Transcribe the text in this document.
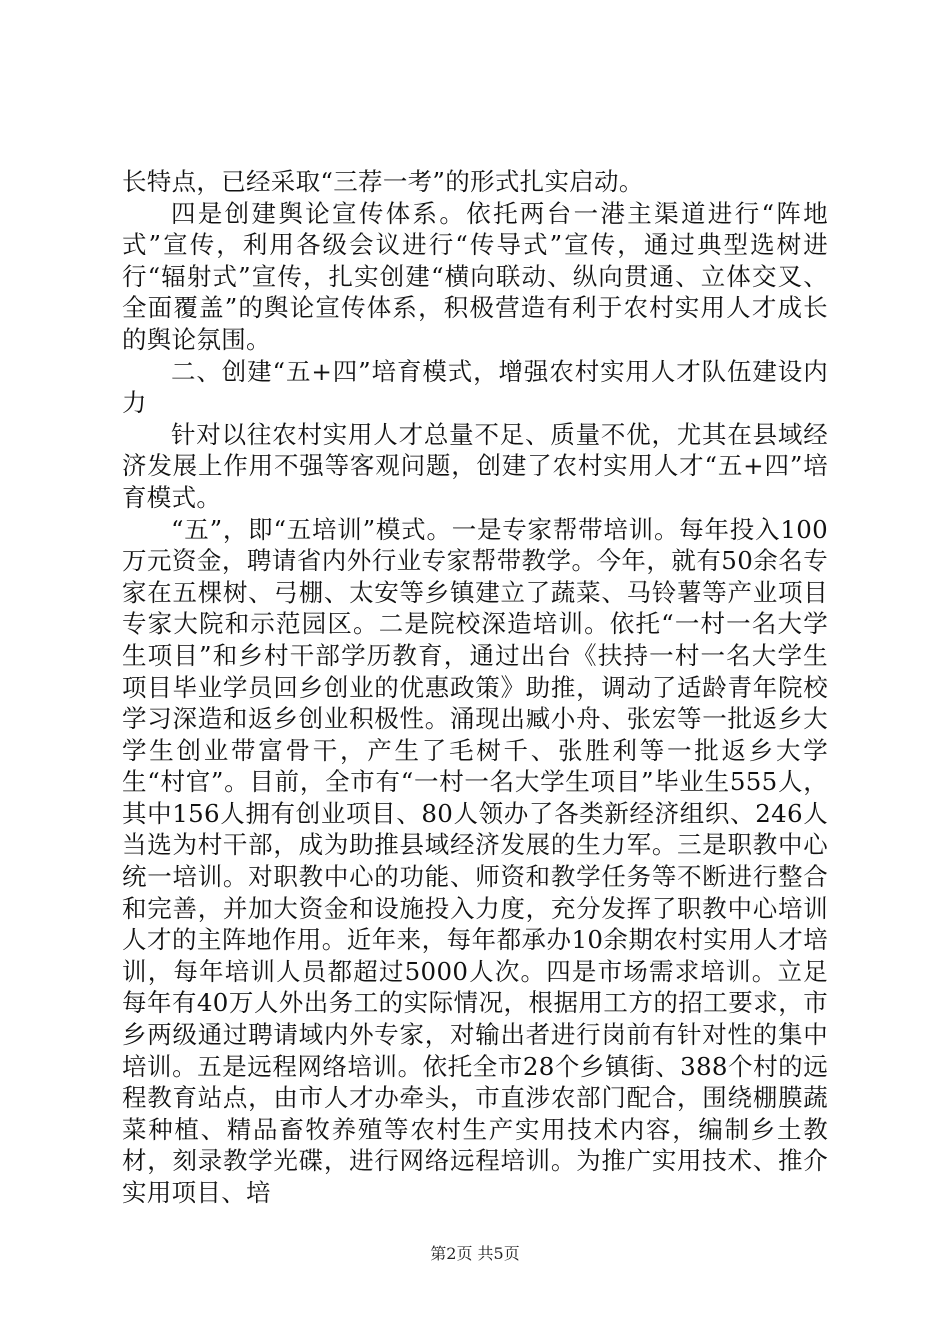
长特点，已经采取“三荐一考”的形式扎实启动。

四是创建舆论宣传体系。依托两台一港主渠道进行“阵地式”宣传，利用各级会议进行“传导式”宣传，通过典型选树进行“辐射式”宣传，扎实创建“横向联动、纵向贯通、立体交叉、全面覆盖”的舆论宣传体系，积极营造有利于农村实用人才成长的舆论氛围。

二、创建“五+四”培育模式，增强农村实用人才队伍建设内力

针对以往农村实用人才总量不足、质量不优，尤其在县域经济发展上作用不强等客观问题，创建了农村实用人才“五+四”培育模式。

“五”，即“五培训”模式。一是专家帮带培训。每年投入100万元资金，聘请省内外行业专家帮带教学。今年，就有50余名专家在五棵树、弓棚、太安等乡镇建立了蔬菜、马铃薯等产业项目专家大院和示范园区。二是院校深造培训。依托“一村一名大学生项目”和乡村干部学历教育，通过出台《扶持一村一名大学生项目毕业学员回乡创业的优惠政策》助推，调动了适龄青年院校学习深造和返乡创业积极性。涌现出臧小舟、张宏等一批返乡大学生创业带富骨干，产生了毛树千、张胜利等一批返乡大学生“村官”。目前，全市有“一村一名大学生项目”毕业生555人，其中156人拥有创业项目、80人领办了各类新经济组织、246人当选为村干部，成为助推县域经济发展的生力军。三是职教中心统一培训。对职教中心的功能、师资和教学任务等不断进行整合和完善，并加大资金和设施投入力度，充分发挥了职教中心培训人才的主阵地作用。近年来，每年都承办10余期农村实用人才培训，每年培训人员都超过5000人次。四是市场需求培训。立足每年有40万人外出务工的实际情况，根据用工方的招工要求，市乡两级通过聘请域内外专家，对输出者进行岗前有针对性的集中培训。五是远程网络培训。依托全市28个乡镇街、388个村的远程教育站点，由市人才办牵头，市直涉农部门配合，围绕棚膜蔬菜种植、精品畜牧养殖等农村生产实用技术内容，编制乡土教材，刻录教学光碟，进行网络远程培训。为推广实用技术、推介实用项目、培

第2页 共5页
